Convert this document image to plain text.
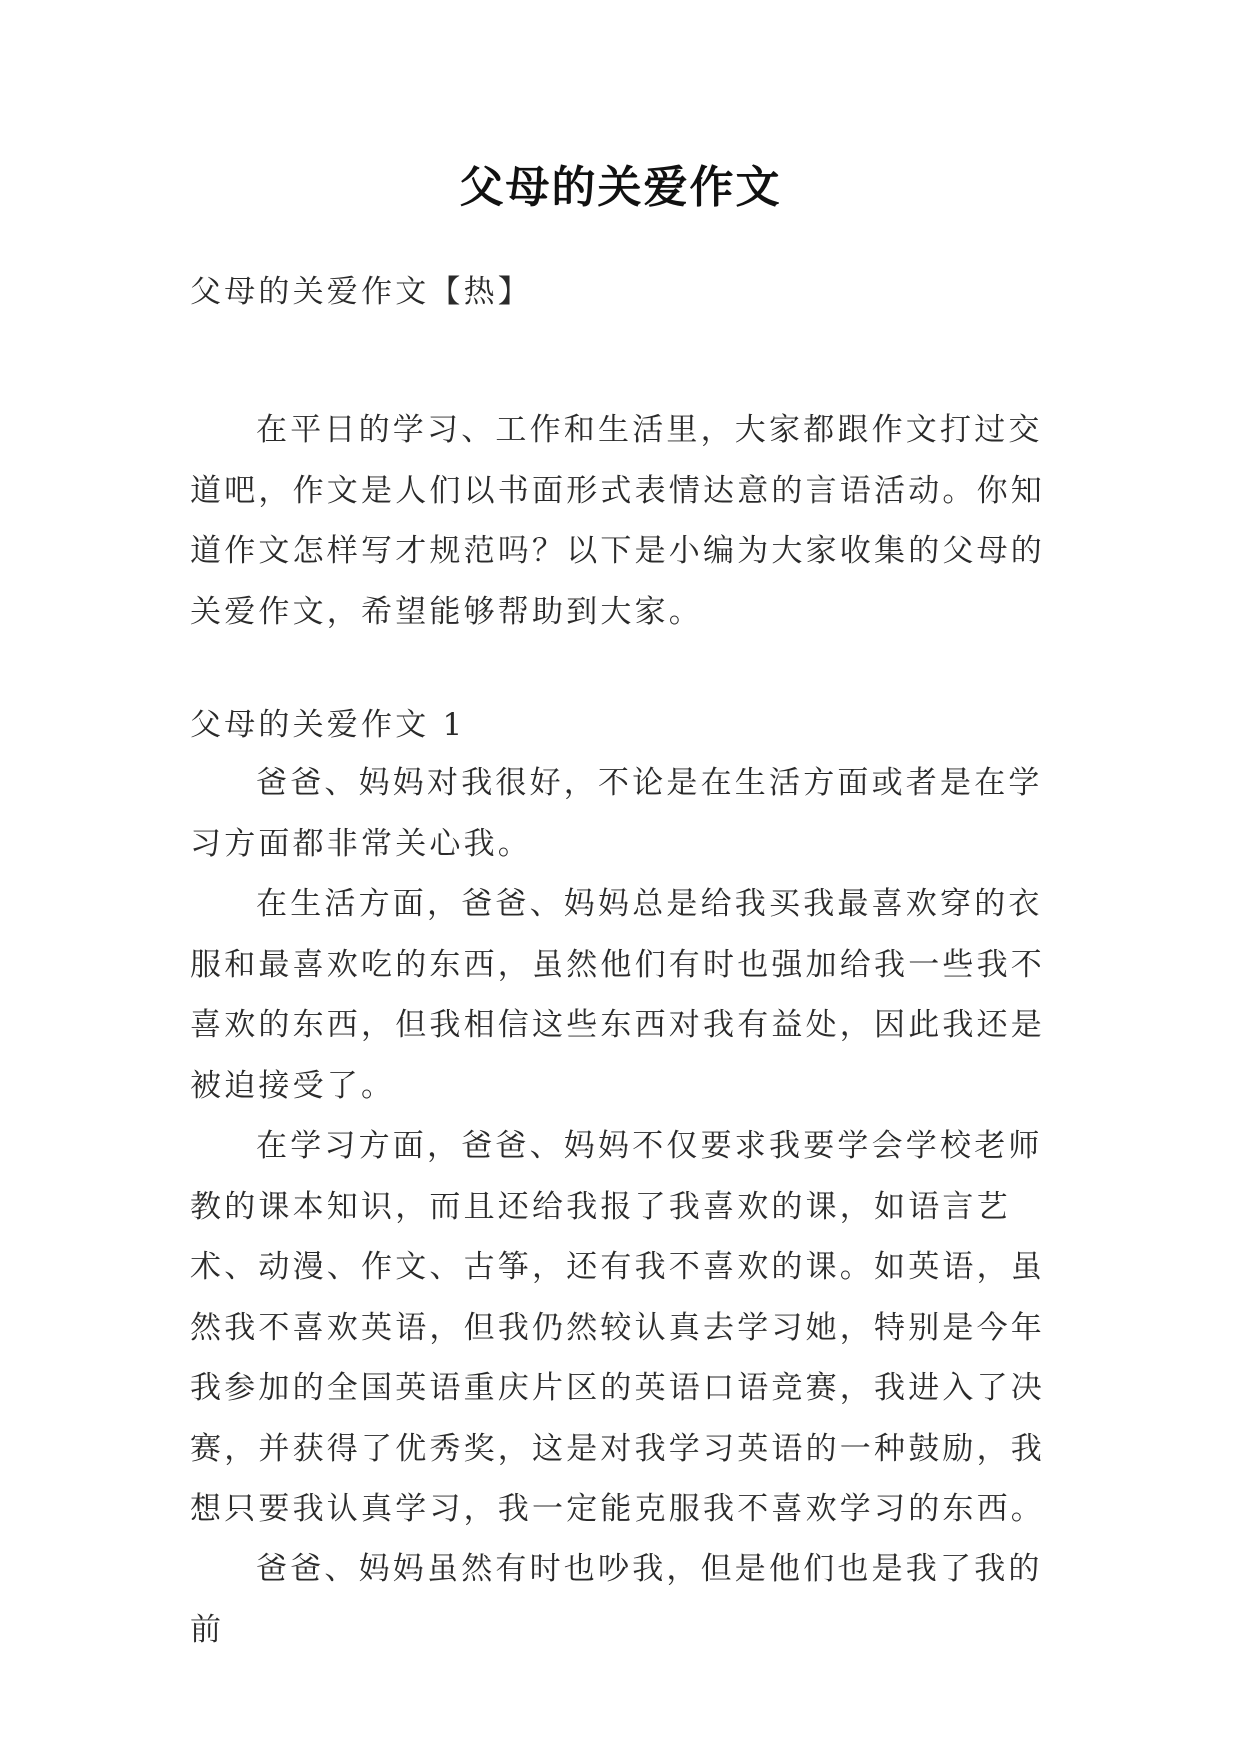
父母的关爱作文

父母的关爱作文【热】

在平日的学习、工作和生活里，大家都跟作文打过交道吧，作文是人们以书面形式表情达意的言语活动。你知道作文怎样写才规范吗？以下是小编为大家收集的父母的关爱作文，希望能够帮助到大家。

父母的关爱作文 1

爸爸、妈妈对我很好，不论是在生活方面或者是在学习方面都非常关心我。

在生活方面，爸爸、妈妈总是给我买我最喜欢穿的衣服和最喜欢吃的东西，虽然他们有时也强加给我一些我不喜欢的东西，但我相信这些东西对我有益处，因此我还是被迫接受了。

在学习方面，爸爸、妈妈不仅要求我要学会学校老师教的课本知识，而且还给我报了我喜欢的课，如语言艺术、动漫、作文、古筝，还有我不喜欢的课。如英语，虽然我不喜欢英语，但我仍然较认真去学习她，特别是今年我参加的全国英语重庆片区的英语口语竞赛，我进入了决赛，并获得了优秀奖，这是对我学习英语的一种鼓励，我想只要我认真学习，我一定能克服我不喜欢学习的东西。

爸爸、妈妈虽然有时也吵我，但是他们也是我了我的前
